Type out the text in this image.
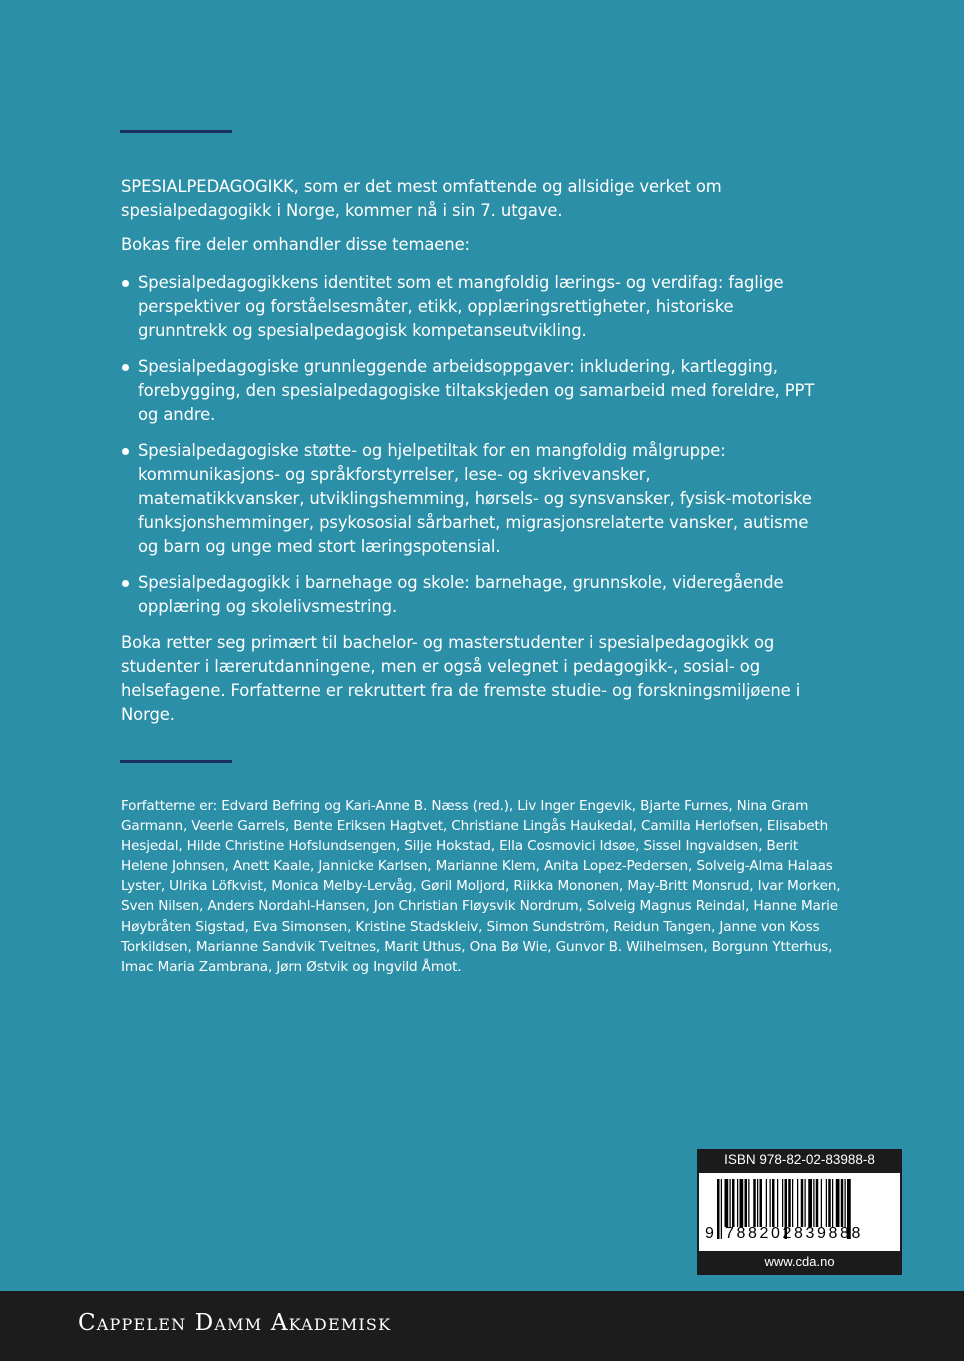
SPESIALPEDAGOGIKK, som er det mest omfattende og allsidige verket om spesialpedagogikk i Norge, kommer nå i sin 7. utgave.

Bokas fire deler omhandler disse temaene:

Spesialpedagogikkens identitet som et mangfoldig lærings- og verdifag: faglige perspektiver og forståelsesmåter, etikk, opplæringsrettigheter, historiske grunntrekk og spesialpedagogisk kompetanseutvikling.
Spesialpedagogiske grunnleggende arbeidsoppgaver: inkludering, kartlegging, forebygging, den spesialpedagogiske tiltakskjeden og samarbeid med foreldre, PPT og andre.
Spesialpedagogiske støtte- og hjelpetiltak for en mangfoldig målgruppe: kommunikasjons- og språkforstyrrelser, lese- og skrivevansker, matematikkvansker, utviklingshemming, hørsels- og synsvansker, fysisk-motoriske funksjonshemminger, psykososial sårbarhet, migrasjonsrelaterte vansker, autisme og barn og unge med stort læringspotensial.
Spesialpedagogikk i barnehage og skole: barnehage, grunnskole, videregående opplæring og skolelivsmestring.

Boka retter seg primært til bachelor- og masterstudenter i spesialpedagogikk og studenter i lærerutdanningene, men er også velegnet i pedagogikk-, sosial- og helsefagene. Forfatterne er rekruttert fra de fremste studie- og forskningsmiljøene i Norge.

Forfatterne er: Edvard Befring og Kari-Anne B. Næss (red.), Liv Inger Engevik, Bjarte Furnes, Nina Gram Garmann, Veerle Garrels, Bente Eriksen Hagtvet, Christiane Lingås Haukedal, Camilla Herlofsen, Elisabeth Hesjedal, Hilde Christine Hofslundsengen, Silje Hokstad, Ella Cosmovici Idsøe, Sissel Ingvaldsen, Berit Helene Johnsen, Anett Kaale, Jannicke Karlsen, Marianne Klem, Anita Lopez-Pedersen, Solveig-Alma Halaas Lyster, Ulrika Löfkvist, Monica Melby-Lervåg, Gøril Moljord, Riikka Mononen, May-Britt Monsrud, Ivar Morken, Sven Nilsen, Anders Nordahl-Hansen, Jon Christian Fløysvik Nordrum, Solveig Magnus Reindal, Hanne Marie Høybråten Sigstad, Eva Simonsen, Kristine Stadskleiv, Simon Sundström, Reidun Tangen, Janne von Koss Torkildsen, Marianne Sandvik Tveitnes, Marit Uthus, Ona Bø Wie, Gunvor B. Wilhelmsen, Borgunn Ytterhus, Imac Maria Zambrana, Jørn Østvik og Ingvild Åmot.

ISBN 978-82-02-83988-8
9 788202839888
www.cda.no
Cappelen Damm Akademisk
